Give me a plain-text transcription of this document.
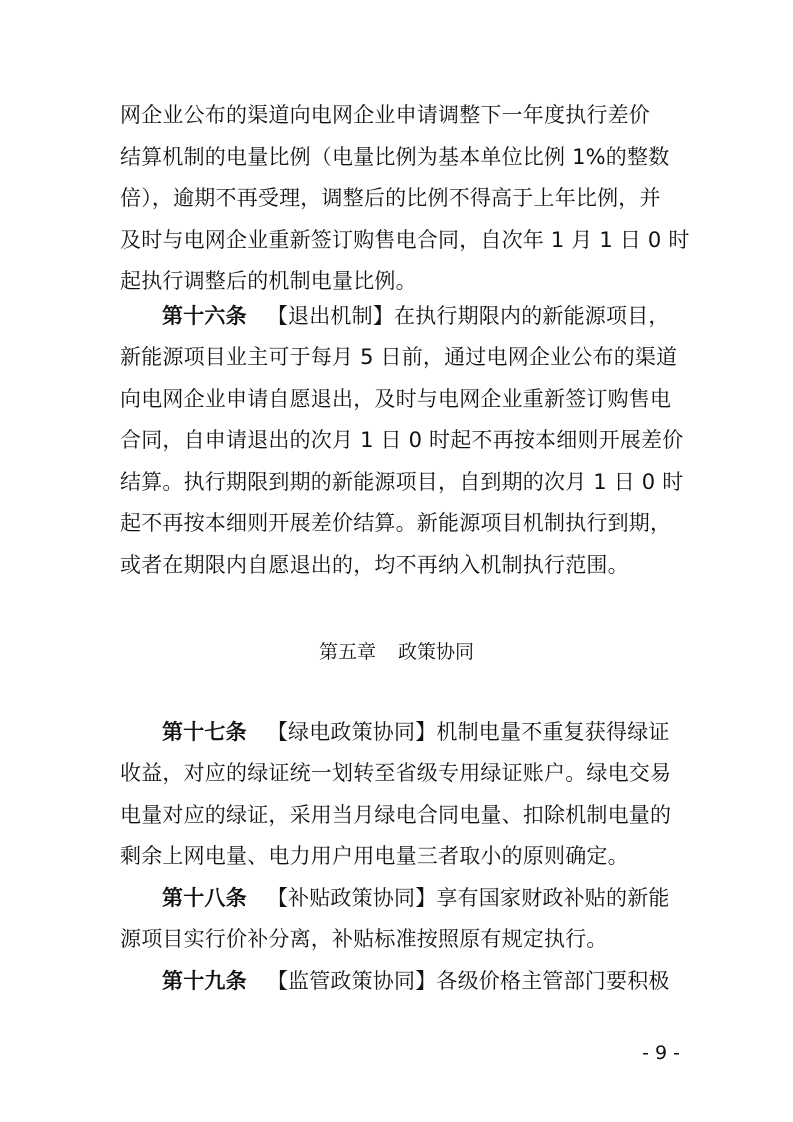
网企业公布的渠道向电网企业申请调整下一年度执行差价
结算机制的电量比例（电量比例为基本单位比例 1%的整数
倍），逾期不再受理，调整后的比例不得高于上年比例，并
及时与电网企业重新签订购售电合同，自次年 1 月 1 日 0 时
起执行调整后的机制电量比例。
第十六条 【退出机制】在执行期限内的新能源项目，
新能源项目业主可于每月 5 日前，通过电网企业公布的渠道
向电网企业申请自愿退出，及时与电网企业重新签订购售电
合同，自申请退出的次月 1 日 0 时起不再按本细则开展差价
结算。执行期限到期的新能源项目，自到期的次月 1 日 0 时
起不再按本细则开展差价结算。新能源项目机制执行到期，
或者在期限内自愿退出的，均不再纳入机制执行范围。
第五章 政策协同
第十七条 【绿电政策协同】机制电量不重复获得绿证
收益，对应的绿证统一划转至省级专用绿证账户。绿电交易
电量对应的绿证，采用当月绿电合同电量、扣除机制电量的
剩余上网电量、电力用户用电量三者取小的原则确定。
第十八条 【补贴政策协同】享有国家财政补贴的新能
源项目实行价补分离，补贴标准按照原有规定执行。
第十九条 【监管政策协同】各级价格主管部门要积极
- 9 -
